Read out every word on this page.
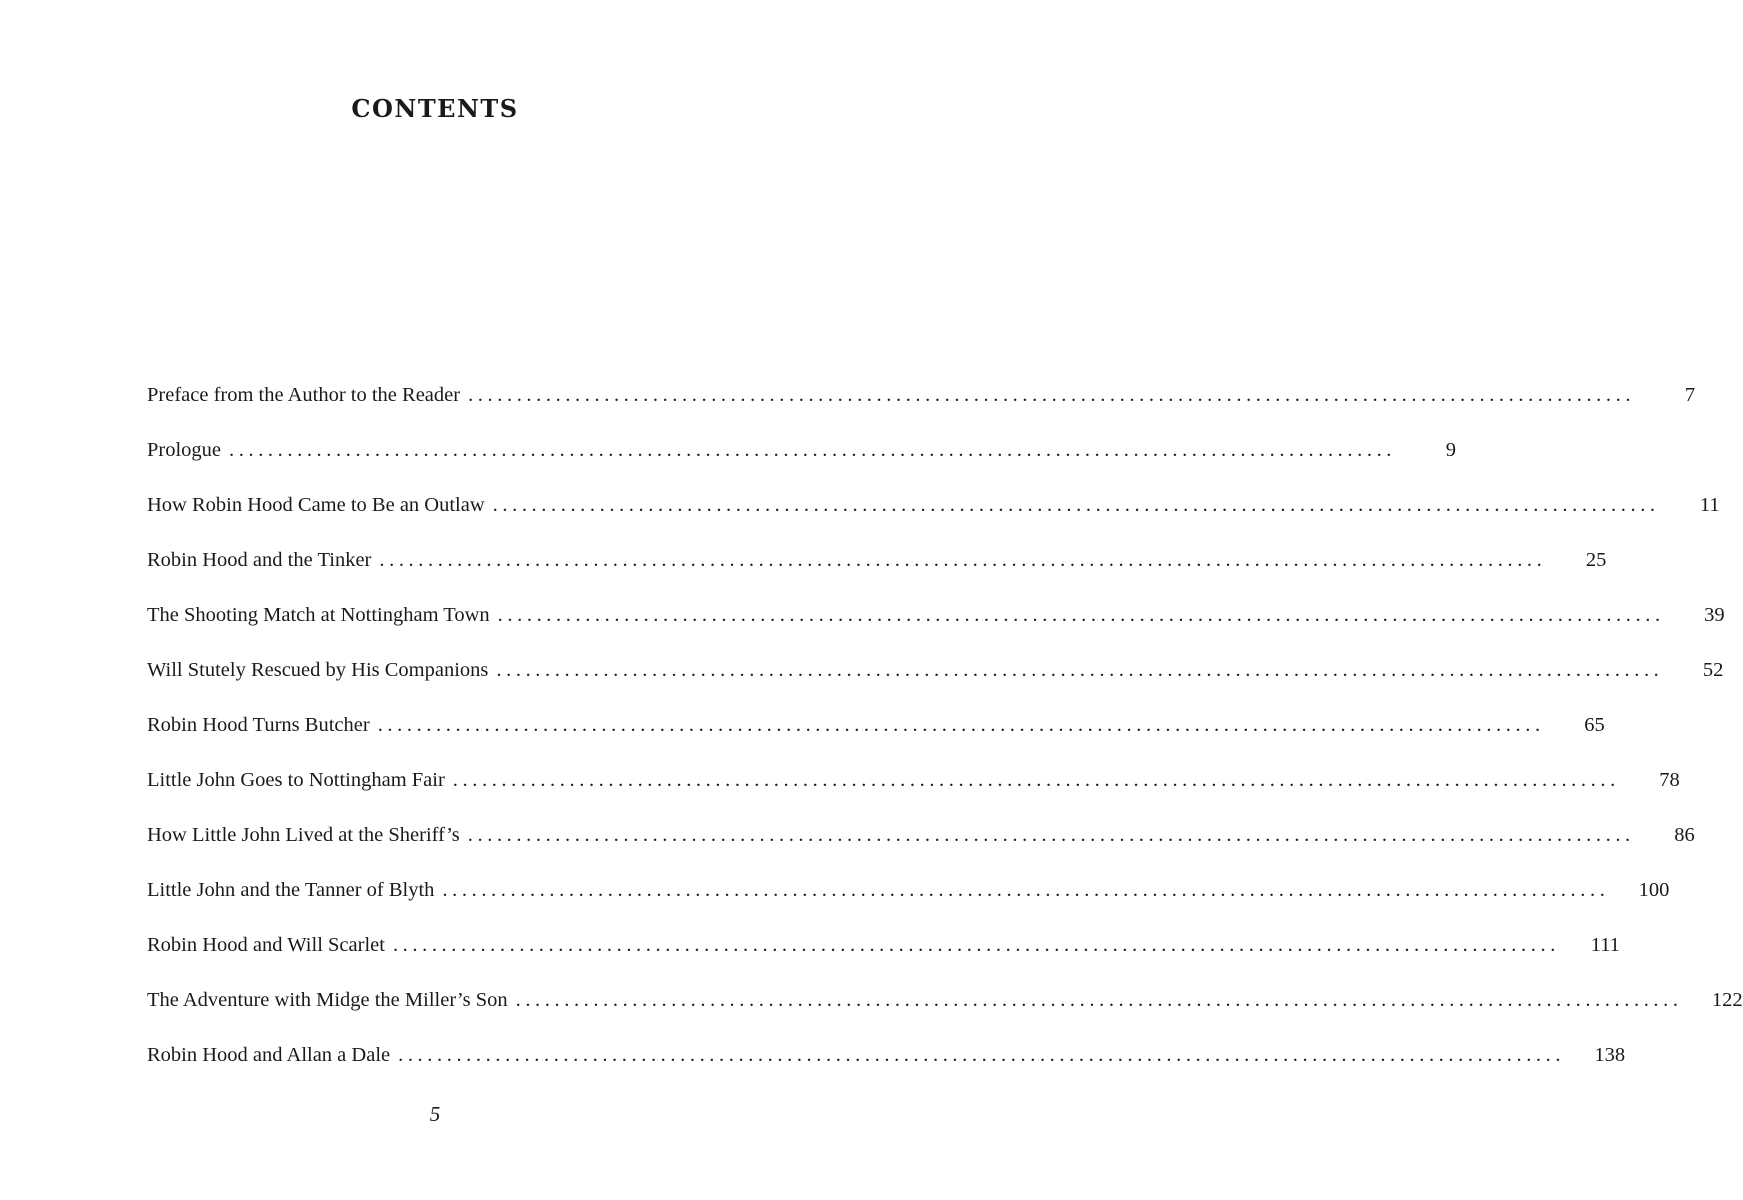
CONTENTS
Preface from the Author to the Reader ........................................................................................................................	7
Prologue ........................................................................................................................	9
How Robin Hood Came to Be an Outlaw ........................................................................................................................	11
Robin Hood and the Tinker ........................................................................................................................	25
The Shooting Match at Nottingham Town ........................................................................................................................	39
Will Stutely Rescued by His Companions ........................................................................................................................	52
Robin Hood Turns Butcher ........................................................................................................................	65
Little John Goes to Nottingham Fair ........................................................................................................................	78
How Little John Lived at the Sheriff’s ........................................................................................................................	86
Little John and the Tanner of Blyth ........................................................................................................................ 100
Robin Hood and Will Scarlet ........................................................................................................................ 111
The Adventure with Midge the Miller’s Son ........................................................................................................................ 122
Robin Hood and Allan a Dale ........................................................................................................................ 138
5
